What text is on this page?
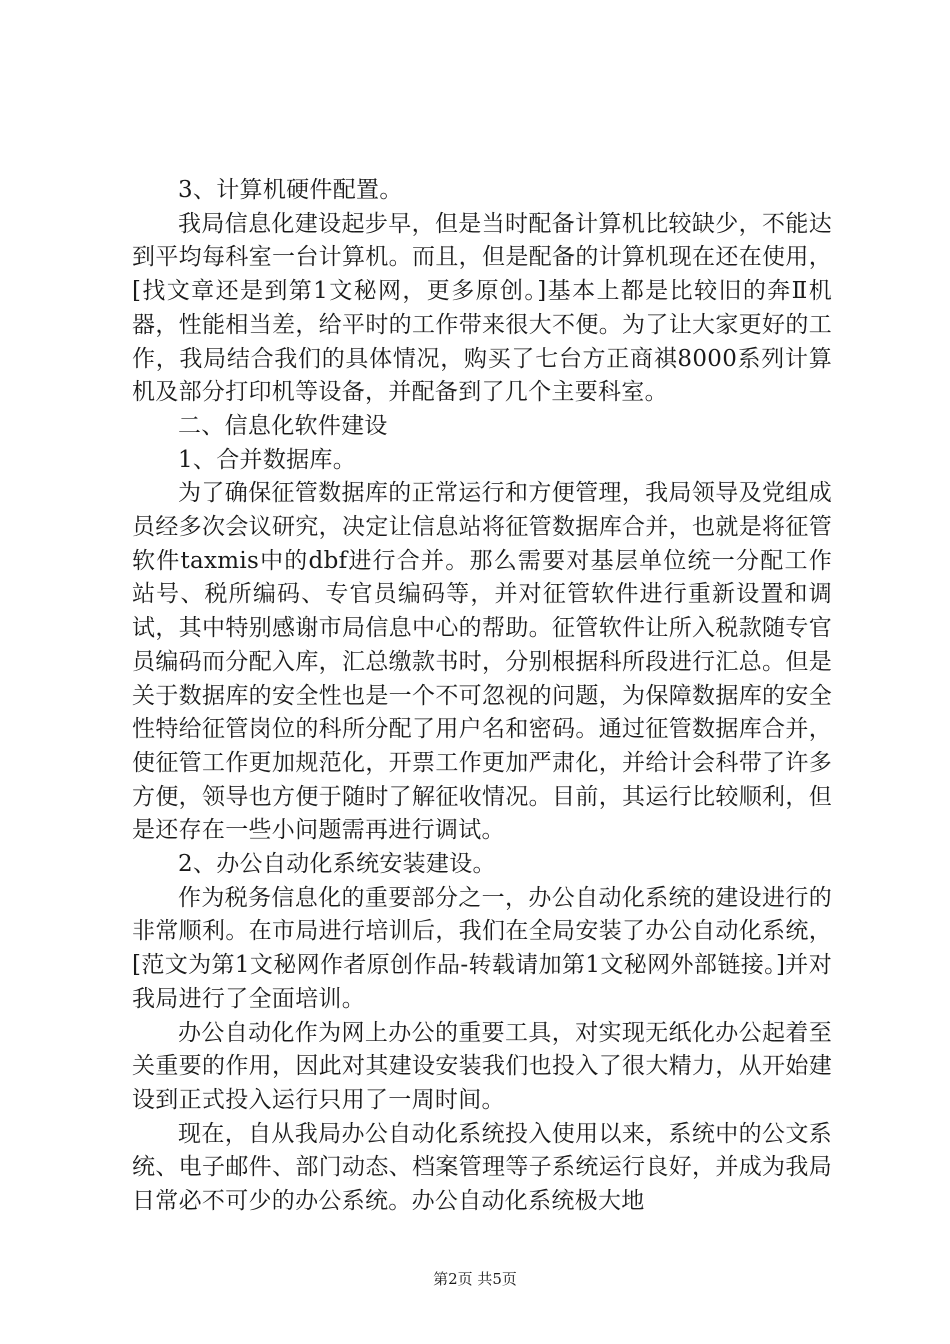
3、计算机硬件配置。

我局信息化建设起步早，但是当时配备计算机比较缺少，不能达到平均每科室一台计算机。而且，但是配备的计算机现在还在使用，[找文章还是到第1文秘网，更多原创。]基本上都是比较旧的奔Ⅱ机器，性能相当差，给平时的工作带来很大不便。为了让大家更好的工作，我局结合我们的具体情况，购买了七台方正商祺8000系列计算机及部分打印机等设备，并配备到了几个主要科室。

二、信息化软件建设

1、合并数据库。

为了确保征管数据库的正常运行和方便管理，我局领导及党组成员经多次会议研究，决定让信息站将征管数据库合并，也就是将征管软件taxmis中的dbf进行合并。那么需要对基层单位统一分配工作站号、税所编码、专官员编码等，并对征管软件进行重新设置和调试，其中特别感谢市局信息中心的帮助。征管软件让所入税款随专官员编码而分配入库，汇总缴款书时，分别根据科所段进行汇总。但是关于数据库的安全性也是一个不可忽视的问题，为保障数据库的安全性特给征管岗位的科所分配了用户名和密码。通过征管数据库合并，使征管工作更加规范化，开票工作更加严肃化，并给计会科带了许多方便，领导也方便于随时了解征收情况。目前，其运行比较顺利，但是还存在一些小问题需再进行调试。

2、办公自动化系统安装建设。

作为税务信息化的重要部分之一，办公自动化系统的建设进行的非常顺利。在市局进行培训后，我们在全局安装了办公自动化系统，[范文为第1文秘网作者原创作品-转载请加第1文秘网外部链接。]并对我局进行了全面培训。

办公自动化作为网上办公的重要工具，对实现无纸化办公起着至关重要的作用，因此对其建设安装我们也投入了很大精力，从开始建设到正式投入运行只用了一周时间。

现在，自从我局办公自动化系统投入使用以来，系统中的公文系统、电子邮件、部门动态、档案管理等子系统运行良好，并成为我局日常必不可少的办公系统。办公自动化系统极大地

第2页 共5页
